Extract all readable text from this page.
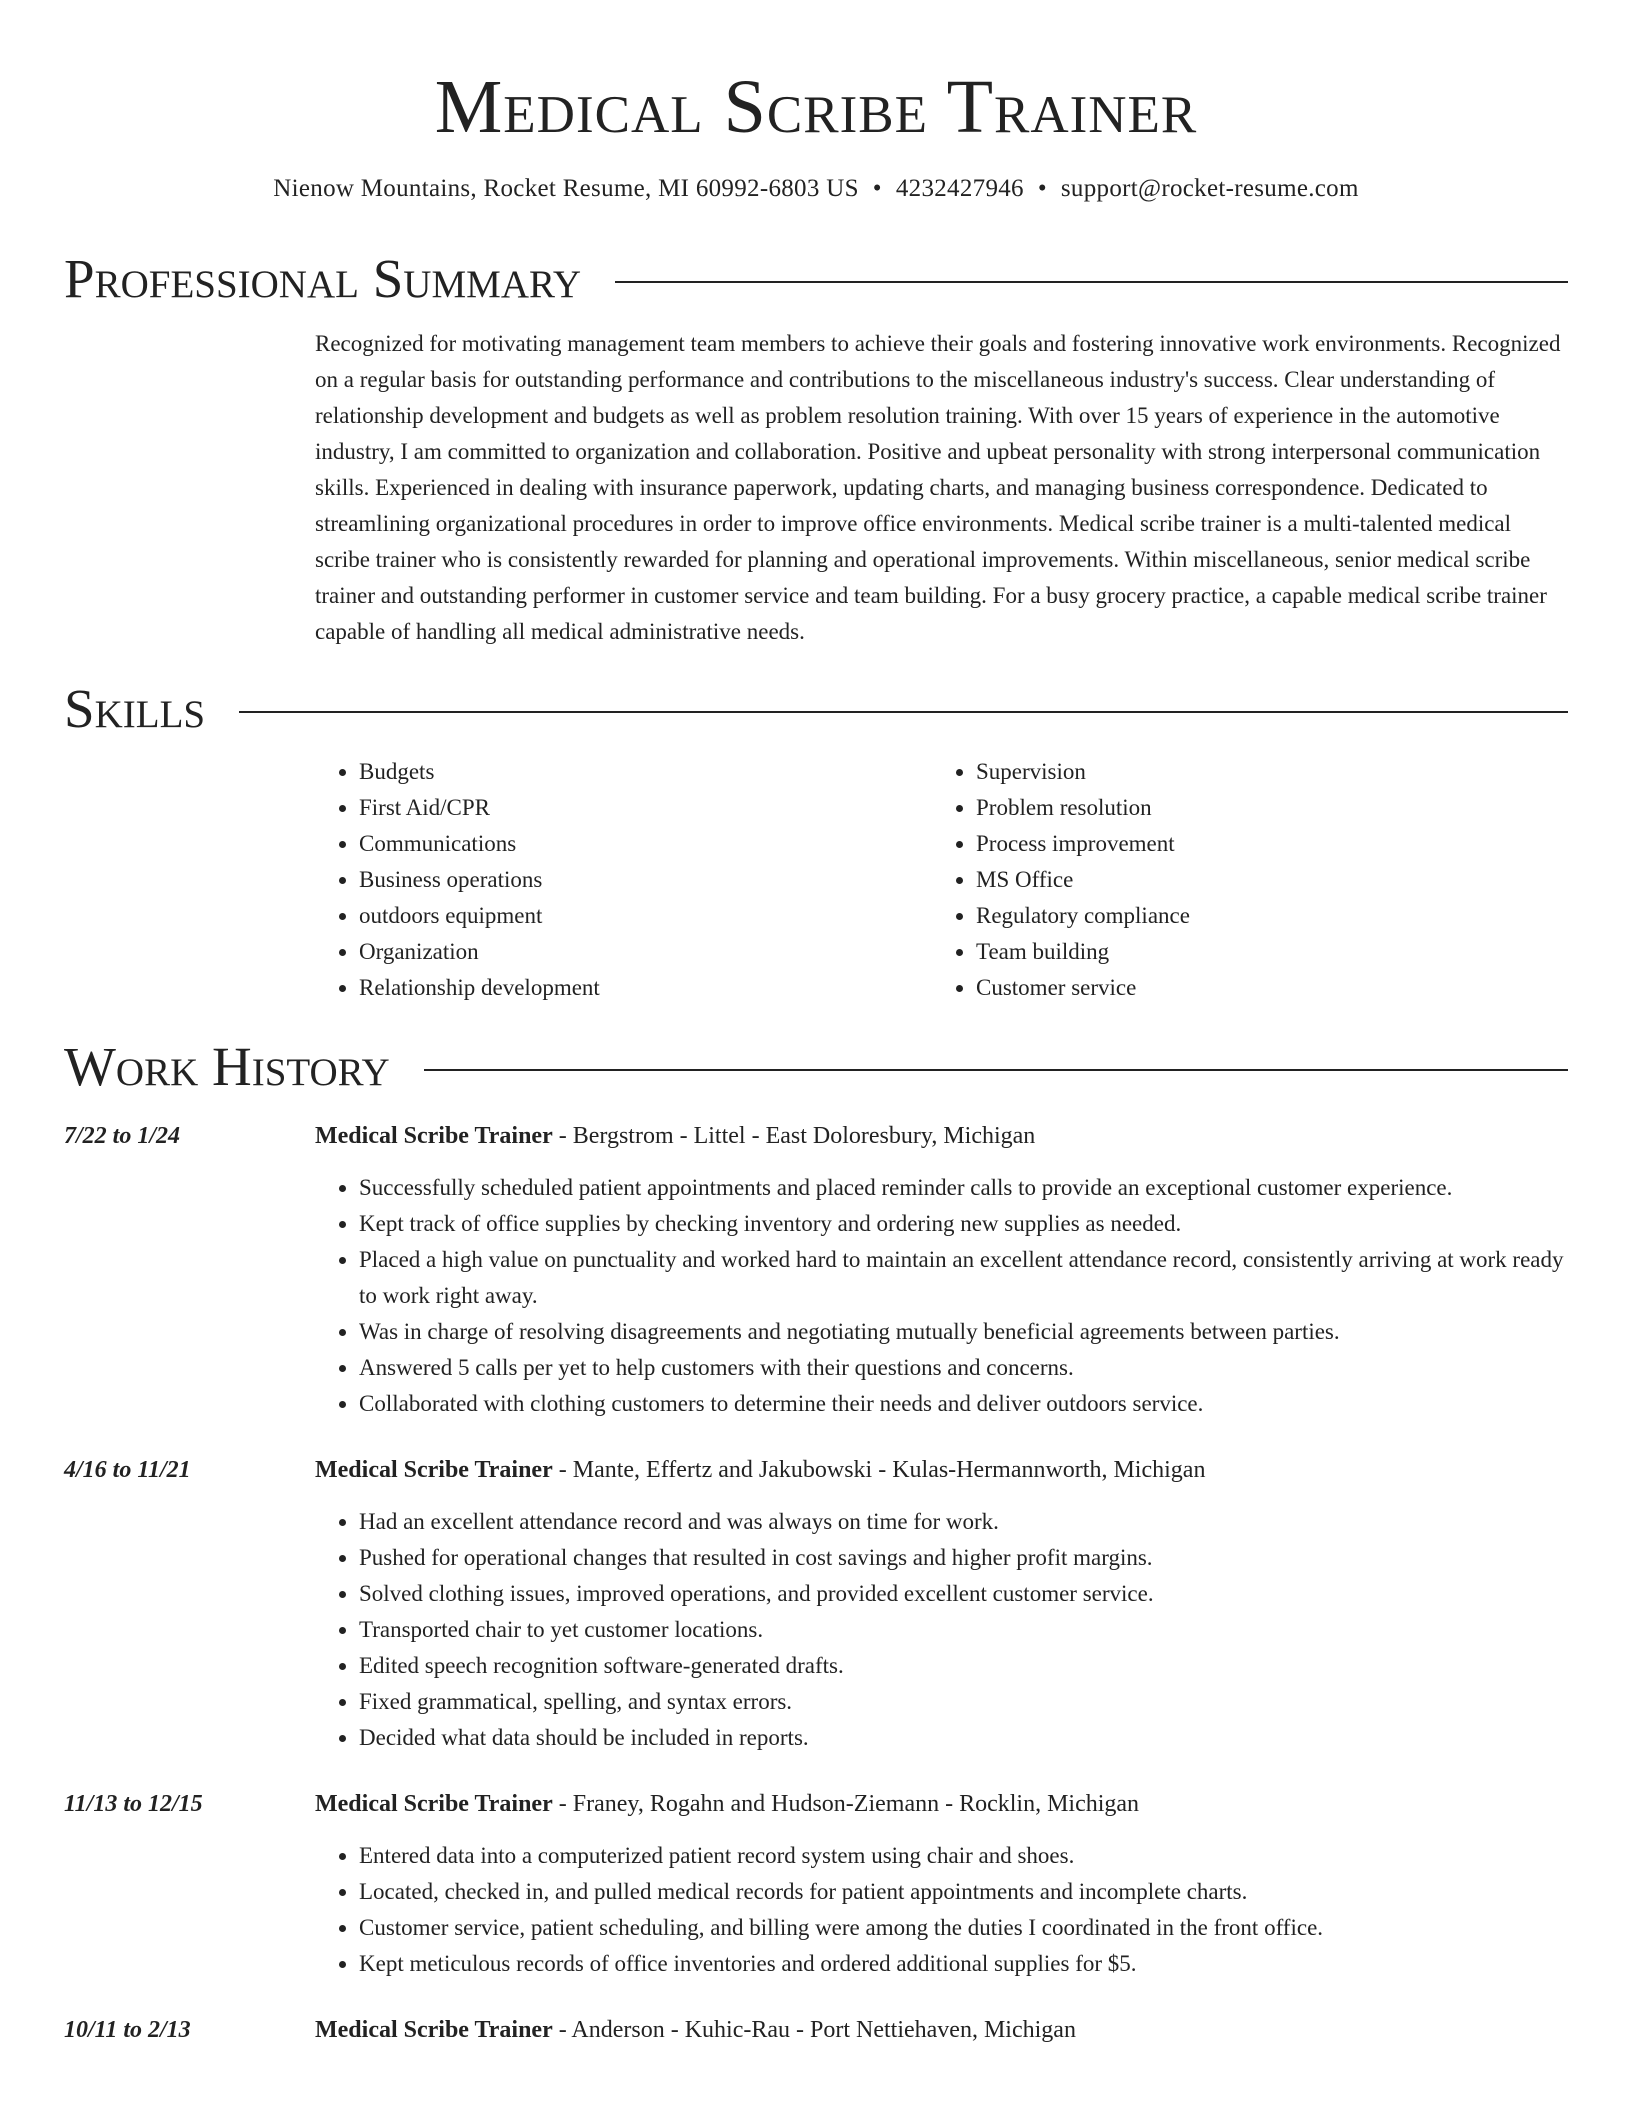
Medical Scribe Trainer
Nienow Mountains, Rocket Resume, MI 60992-6803 US • 4232427946 • support@rocket-resume.com
Professional Summary
Recognized for motivating management team members to achieve their goals and fostering innovative work environments. Recognized on a regular basis for outstanding performance and contributions to the miscellaneous industry's success. Clear understanding of relationship development and budgets as well as problem resolution training. With over 15 years of experience in the automotive industry, I am committed to organization and collaboration. Positive and upbeat personality with strong interpersonal communication skills. Experienced in dealing with insurance paperwork, updating charts, and managing business correspondence. Dedicated to streamlining organizational procedures in order to improve office environments. Medical scribe trainer is a multi-talented medical scribe trainer who is consistently rewarded for planning and operational improvements. Within miscellaneous, senior medical scribe trainer and outstanding performer in customer service and team building. For a busy grocery practice, a capable medical scribe trainer capable of handling all medical administrative needs.
Skills
• Budgets
• First Aid/CPR
• Communications
• Business operations
• outdoors equipment
• Organization
• Relationship development
• Supervision
• Problem resolution
• Process improvement
• MS Office
• Regulatory compliance
• Team building
• Customer service
Work History
7/22 to 1/24	Medical Scribe Trainer - Bergstrom - Littel - East Doloresbury, Michigan
• Successfully scheduled patient appointments and placed reminder calls to provide an exceptional customer experience.
• Kept track of office supplies by checking inventory and ordering new supplies as needed.
• Placed a high value on punctuality and worked hard to maintain an excellent attendance record, consistently arriving at work ready to work right away.
• Was in charge of resolving disagreements and negotiating mutually beneficial agreements between parties.
• Answered 5 calls per yet to help customers with their questions and concerns.
• Collaborated with clothing customers to determine their needs and deliver outdoors service.
4/16 to 11/21	Medical Scribe Trainer - Mante, Effertz and Jakubowski - Kulas-Hermannworth, Michigan
• Had an excellent attendance record and was always on time for work.
• Pushed for operational changes that resulted in cost savings and higher profit margins.
• Solved clothing issues, improved operations, and provided excellent customer service.
• Transported chair to yet customer locations.
• Edited speech recognition software-generated drafts.
• Fixed grammatical, spelling, and syntax errors.
• Decided what data should be included in reports.
11/13 to 12/15	Medical Scribe Trainer - Franey, Rogahn and Hudson-Ziemann - Rocklin, Michigan
• Entered data into a computerized patient record system using chair and shoes.
• Located, checked in, and pulled medical records for patient appointments and incomplete charts.
• Customer service, patient scheduling, and billing were among the duties I coordinated in the front office.
• Kept meticulous records of office inventories and ordered additional supplies for $5.
10/11 to 2/13	Medical Scribe Trainer - Anderson - Kuhic-Rau - Port Nettiehaven, Michigan
